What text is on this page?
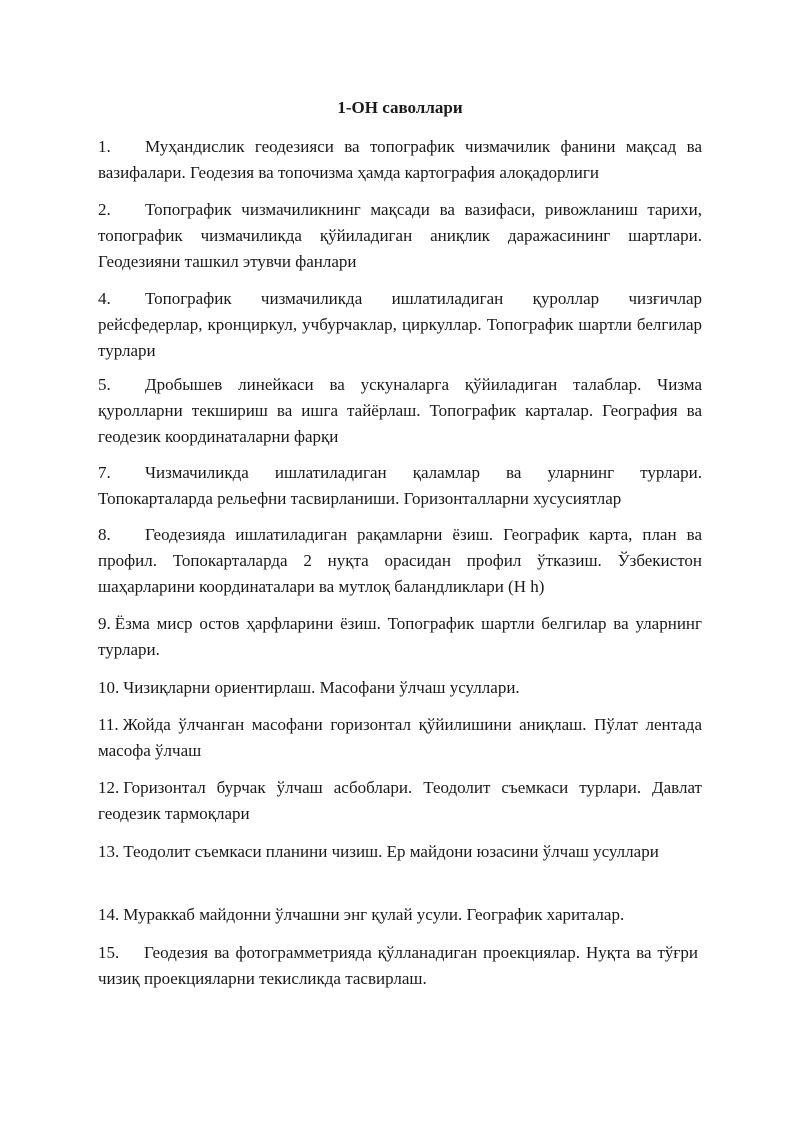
1-ОН саволлари
1. Муҳандислик геодезияси ва топографик чизмачилик фанини мақсад ва вазифалари. Геодезия ва топочизма ҳамда картография алоқадорлиги
2. Топографик чизмачиликнинг мақсади ва вазифаси, ривожланиш тарихи, топографик чизмачиликда қўйиладиган аниқлик даражасининг шартлари. Геодезияни ташкил этувчи фанлари
4. Топографик чизмачиликда ишлатиладиган қуроллар чизғичлар рейсфедерлар, кронциркул, учбурчаклар, циркуллар. Топографик шартли белгилар турлари
5. Дробышев линейкаси ва ускуналарга қўйиладиган талаблар. Чизма қуролларни текшириш ва ишга тайёрлаш. Топографик карталар. География ва геодезик координаталарни фарқи
7. Чизмачиликда ишлатиладиган қаламлар ва уларнинг турлари. Топокарталарда рельефни тасвирланиши. Горизонталларни хусусиятлар
8. Геодезияда ишлатиладиган рақамларни ёзиш. Географик карта, план ва профил. Топокарталарда 2 нуқта орасидан профил ўтказиш. Ўзбекистон шаҳарларини координаталари ва мутлоқ баландликлари (H h)
9. Ёзма миср остов ҳарфларини ёзиш. Топографик шартли белгилар ва уларнинг турлари.
10. Чизиқларни ориентирлаш. Масофани ўлчаш усуллари.
11. Жойда ўлчанган масофани горизонтал қўйилишини аниқлаш. Пўлат лентада масофа ўлчаш
12. Горизонтал бурчак ўлчаш асбоблари. Теодолит съемкаси турлари. Давлат геодезик тармоқлари
13. Теодолит съемкаси планини чизиш. Ер майдони юзасини ўлчаш усуллари
14. Мураккаб майдонни ўлчашни энг қулай усули. Географик хариталар.
15. Геодезия ва фотограмметрияда қўлланадиган проекциялар. Нуқта ва тўғри чизиқ проекцияларни текисликда тасвирлаш.
